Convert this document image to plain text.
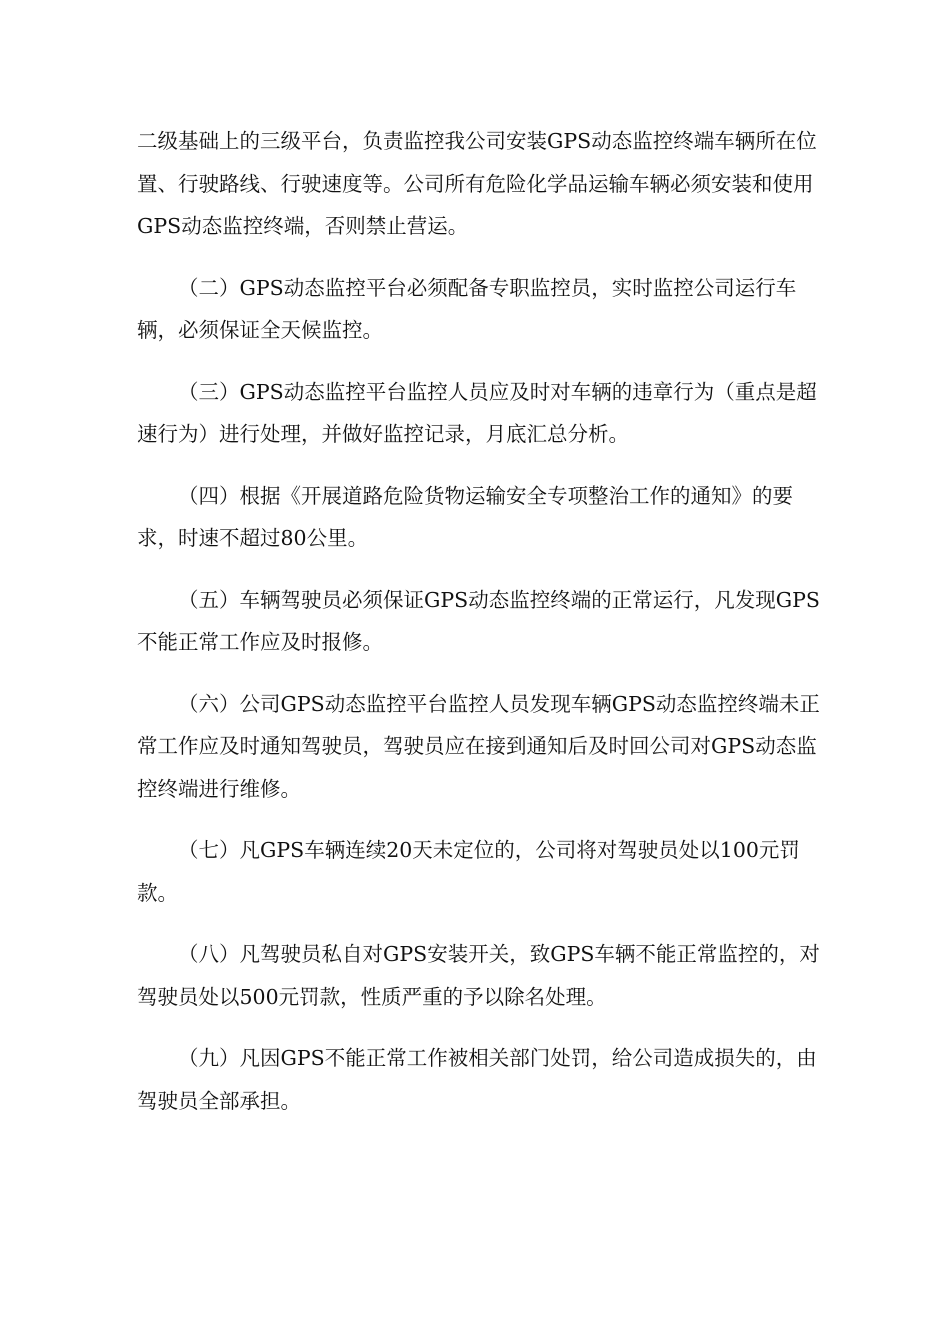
二级基础上的三级平台，负责监控我公司安装GPS动态监控终端车辆所在位置、行驶路线、行驶速度等。公司所有危险化学品运输车辆必须安装和使用GPS动态监控终端，否则禁止营运。

（二）GPS动态监控平台必须配备专职监控员，实时监控公司运行车辆，必须保证全天候监控。

（三）GPS动态监控平台监控人员应及时对车辆的违章行为（重点是超速行为）进行处理，并做好监控记录，月底汇总分析。

（四）根据《开展道路危险货物运输安全专项整治工作的通知》的要求，时速不超过80公里。

（五）车辆驾驶员必须保证GPS动态监控终端的正常运行，凡发现GPS不能正常工作应及时报修。

（六）公司GPS动态监控平台监控人员发现车辆GPS动态监控终端未正常工作应及时通知驾驶员，驾驶员应在接到通知后及时回公司对GPS动态监控终端进行维修。

（七）凡GPS车辆连续20天未定位的，公司将对驾驶员处以100元罚款。

（八）凡驾驶员私自对GPS安装开关，致GPS车辆不能正常监控的，对驾驶员处以500元罚款，性质严重的予以除名处理。

（九）凡因GPS不能正常工作被相关部门处罚，给公司造成损失的，由驾驶员全部承担。
